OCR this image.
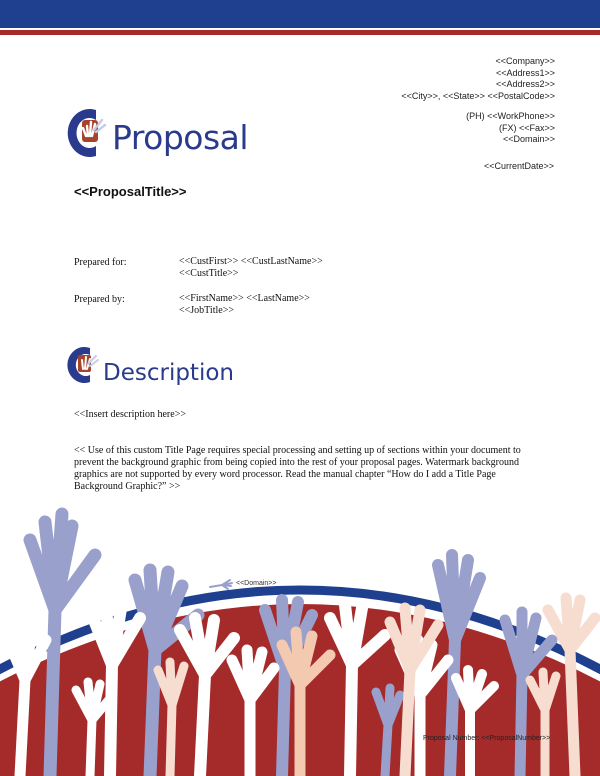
<<Company>>
<<Address1>>
<<Address2>>
<<City>>, <<State>> <<PostalCode>>
(PH) <<WorkPhone>>
(FX) <<Fax>>
<<Domain>>
<<CurrentDate>>
Proposal
<<ProposalTitle>>
Prepared for:	<<CustFirst>> <<CustLastName>>
<<CustTitle>>
Prepared by:	<<FirstName>> <<LastName>>
<<JobTitle>>
Description
<<Insert description here>>
<< Use of this custom Title Page requires special processing and setting up of sections within your document to prevent the background graphic from being copied into the rest of your proposal pages. Watermark background graphics are not supported by every word processor. Read the manual chapter “How do I add a Title Page Background Graphic?” >>
<<Domain>>
Proposal Number: <<ProposalNumber>>
